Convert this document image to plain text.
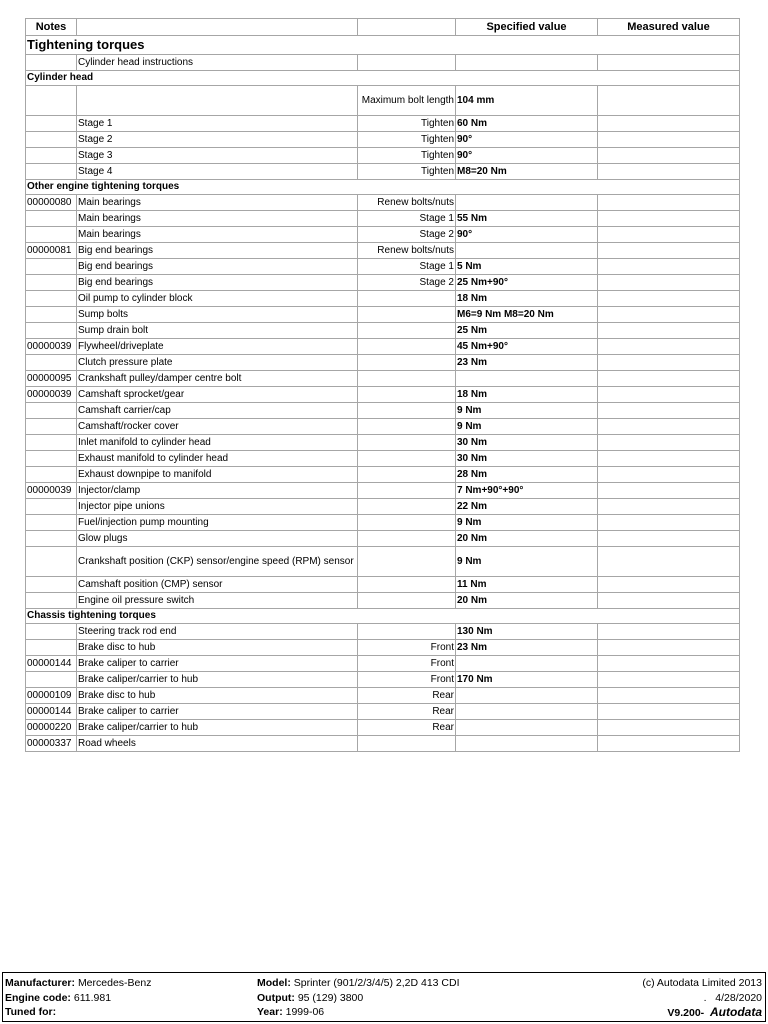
Notes			Specified value	Measured value
Tightening torques				
	Cylinder head instructions			
Cylinder head				
		Maximum bolt length	104 mm	
	Stage 1	Tighten	60 Nm	
	Stage 2	Tighten	90°	
	Stage 3	Tighten	90°	
	Stage 4	Tighten	M8=20 Nm	
Other engine tightening torques				
00000080	Main bearings	Renew bolts/nuts		
	Main bearings	Stage 1	55 Nm	
	Main bearings	Stage 2	90°	
00000081	Big end bearings	Renew bolts/nuts		
	Big end bearings	Stage 1	5 Nm	
	Big end bearings	Stage 2	25 Nm+90°	
	Oil pump to cylinder block		18 Nm	
	Sump bolts		M6=9 Nm M8=20 Nm	
	Sump drain bolt		25 Nm	
00000039	Flywheel/driveplate		45 Nm+90°	
	Clutch pressure plate		23 Nm	
00000095	Crankshaft pulley/damper centre bolt			
00000039	Camshaft sprocket/gear		18 Nm	
	Camshaft carrier/cap		9 Nm	
	Camshaft/rocker cover		9 Nm	
	Inlet manifold to cylinder head		30 Nm	
	Exhaust manifold to cylinder head		30 Nm	
	Exhaust downpipe to manifold		28 Nm	
00000039	Injector/clamp		7 Nm+90°+90°	
	Injector pipe unions		22 Nm	
	Fuel/injection pump mounting		9 Nm	
	Glow plugs		20 Nm	
	Crankshaft position (CKP) sensor/engine speed (RPM) sensor		9 Nm	
	Camshaft position (CMP) sensor		11 Nm	
	Engine oil pressure switch		20 Nm	
Chassis tightening torques				
	Steering track rod end		130 Nm	
	Brake disc to hub	Front	23 Nm	
00000144	Brake caliper to carrier	Front		
	Brake caliper/carrier to hub	Front	170 Nm	
00000109	Brake disc to hub	Rear		
00000144	Brake caliper to carrier	Rear		
00000220	Brake caliper/carrier to hub	Rear		
00000337	Road wheels			
Manufacturer: Mercedes-Benz
Engine code: 611.981
Tuned for:
Model: Sprinter (901/2/3/4/5) 2,2D 413 CDI
Output: 95 (129) 3800
Year: 1999-06
(c) Autodata Limited 2013
. 4/28/2020
V9.200- Autodata
